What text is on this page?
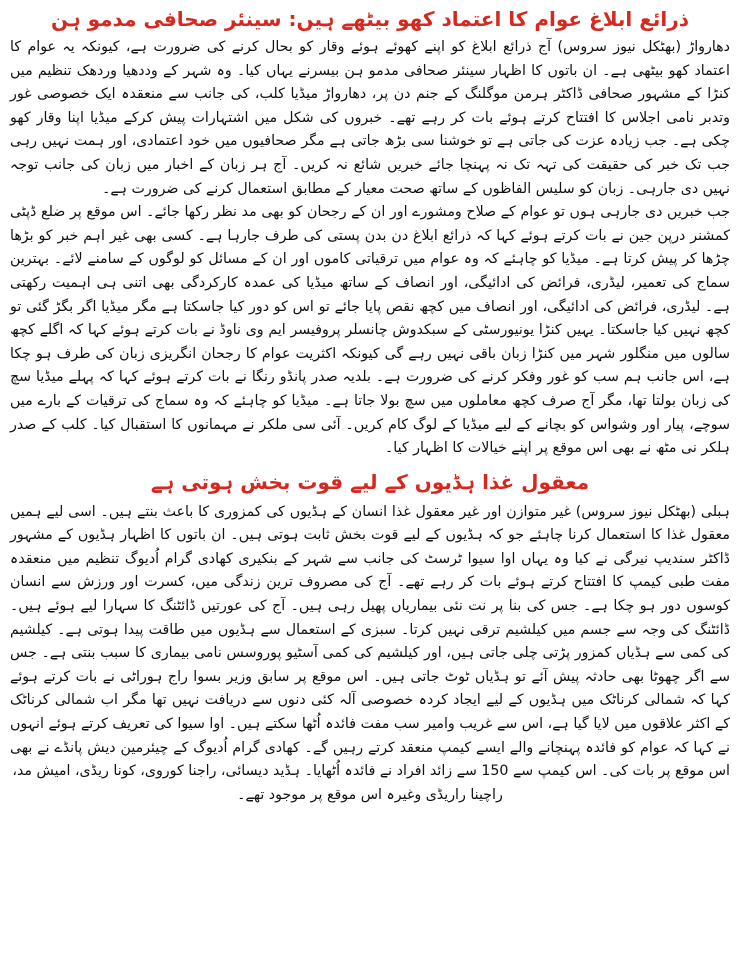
ذرائع ابلاغ عوام کا اعتماد کھو بیٹھے ہیں: سینئر صحافی مدمو ہن

دھارواڑ (بھٹکل نیوز سروس) آج ذرائع ابلاغ کو اپنے کھوئے ہوئے وقار کو بحال کرنے کی ضرورت ہے، کیونکہ یہ عوام کا اعتماد کھو بیٹھی ہے۔ ان باتوں کا اظہار سینئر صحافی مدمو ہن بیسرنے یہاں کیا۔ وہ شہر کے وددھیا وردھک تنظیم میں کنڑا کے مشہور صحافی ڈاکٹر ہرمن موگلنگ کے جنم دن پر، دھارواڑ میڈیا کلب، کی جانب سے منعقدہ ایک خصوصی غور وتدبر نامی اجلاس کا افتتاح کرتے ہوئے بات کر رہے تھے۔ خبروں کی شکل میں اشتہارات پیش کرکے میڈیا اپنا وقار کھو چکی ہے۔ جب زیادہ عزت کی جاتی ہے تو خوشنا سی بڑھ جاتی ہے مگر صحافیوں میں خود اعتمادی، اور ہمت نہیں رہی جب تک خبر کی حقیقت کی تہہ تک نہ پہنچا جائے خبریں شائع نہ کریں۔ آج ہر زبان کے اخبار میں زبان کی جانب توجہ نہیں دی جارہی۔ زبان کو سلیس الفاظوں کے ساتھ صحت معیار کے مطابق استعمال کرنے کی ضرورت ہے۔

جب خبریں دی جارہی ہوں تو عوام کے صلاح ومشورے اور ان کے رجحان کو بھی مد نظر رکھا جائے۔ اس موقع پر ضلع ڈپٹی کمشنر درپن جین نے بات کرتے ہوئے کہا کہ ذرائع ابلاغ دن بدن پستی کی طرف جارہا ہے۔ کسی بھی غیر اہم خبر کو بڑھا چڑھا کر پیش کرتا ہے۔ میڈیا کو چاہئے کہ وہ عوام میں ترقیاتی کاموں اور ان کے مسائل کو لوگوں کے سامنے لائے۔ بہترین سماج کی تعمیر، لیڈری، فرائض کی ادائیگی، اور انصاف کے ساتھ میڈیا کی عمدہ کارکردگی بھی اتنی ہی اہمیت رکھتی ہے۔ لیڈری، فرائض کی ادائیگی، اور انصاف میں کچھ نقص پایا جائے تو اس کو دور کیا جاسکتا ہے مگر میڈیا اگر بگڑ گئی تو کچھ نہیں کیا جاسکتا۔ یہیں کنڑا یونیورسٹی کے سبکدوش چانسلر پروفیسر ایم وی ناوڈ نے بات کرتے ہوئے کہا کہ اگلے کچھ سالوں میں منگلور شہر میں کنڑا زبان باقی نہیں رہے گی کیونکہ اکثریت عوام کا رجحان انگریزی زبان کی طرف ہو چکا ہے، اس جانب ہم سب کو غور وفکر کرنے کی ضرورت ہے۔ بلدیہ صدر پانڈو رنگا نے بات کرتے ہوئے کہا کہ پہلے میڈیا سچ کی زبان بولتا تھا، مگر آج صرف کچھ معاملوں میں سچ بولا جاتا ہے۔ میڈیا کو چاہئے کہ وہ سماج کی ترقیات کے بارے میں سوچے، پیار اور وشواس کو بچانے کے لیے میڈیا کے لوگ کام کریں۔ آئی سی ملکر نے مہمانوں کا استقبال کیا۔ کلب کے صدر ہلکر نی مٹھ نے بھی اس موقع پر اپنے خیالات کا اظہار کیا۔

معقول غذا ہڈیوں کے لیے قوت بخش ہوتی ہے

ہبلی (بھٹکل نیوز سروس) غیر متوازن اور غیر معقول غذا انسان کے ہڈیوں کی کمزوری کا باعث بنتے ہیں۔ اسی لیے ہمیں معقول غذا کا استعمال کرنا چاہئے جو کہ ہڈیوں کے لیے قوت بخش ثابت ہوتی ہیں۔ ان باتوں کا اظہار ہڈیوں کے مشہور ڈاکٹر سندیپ نیرگی نے کیا وہ یہاں اوا سیوا ٹرسٹ کی جانب سے شہر کے بنکیری کھادی گرام اُدیوگ تنظیم میں منعقدہ مفت طبی کیمپ کا افتتاح کرتے ہوئے بات کر رہے تھے۔ آج کی مصروف ترین زندگی میں، کسرت اور ورزش سے انسان کوسوں دور ہو چکا ہے۔ جس کی بنا پر نت نئی بیماریاں پھیل رہی ہیں۔ آج کی عورتیں ڈائٹنگ کا سہارا لیے ہوئے ہیں۔ ڈائٹنگ کی وجہ سے جسم میں کیلشیم ترقی نہیں کرتا۔ سبزی کے استعمال سے ہڈیوں میں طاقت پیدا ہوتی ہے۔ کیلشیم کی کمی سے ہڈیاں کمزور پڑتی چلی جاتی ہیں، اور کیلشیم کی کمی آسٹیو پوروسس نامی بیماری کا سبب بنتی ہے۔ جس سے اگر چھوٹا بھی حادثہ پیش آئے تو ہڈیاں ٹوٹ جاتی ہیں۔ اس موقع پر سابق وزیر بسوا راج ہوراٹی نے بات کرتے ہوئے کہا کہ شمالی کرناٹک میں ہڈیوں کے لیے ایجاد کردہ خصوصی آلہ کئی دنوں سے دریافت نہیں تھا مگر اب شمالی کرناٹک کے اکثر علاقوں میں لایا گیا ہے، اس سے غریب وامیر سب مفت فائدہ اُٹھا سکتے ہیں۔ اوا سیوا کی تعریف کرتے ہوئے انہوں نے کہا کہ عوام کو فائدہ پہنچانے والے ایسے کیمپ منعقد کرتے رہیں گے۔ کھادی گرام اُدیوگ کے چیئرمین دیش پانڈے نے بھی اس موقع پر بات کی۔ اس کیمپ سے 150 سے زائد افراد نے فائدہ اُٹھایا۔ ہڈید دیسائی، راجنا کوروی، کونا ریڈی، امیش مد،

راچینا راریڈی وغیرہ اس موقع پر موجود تھے۔
